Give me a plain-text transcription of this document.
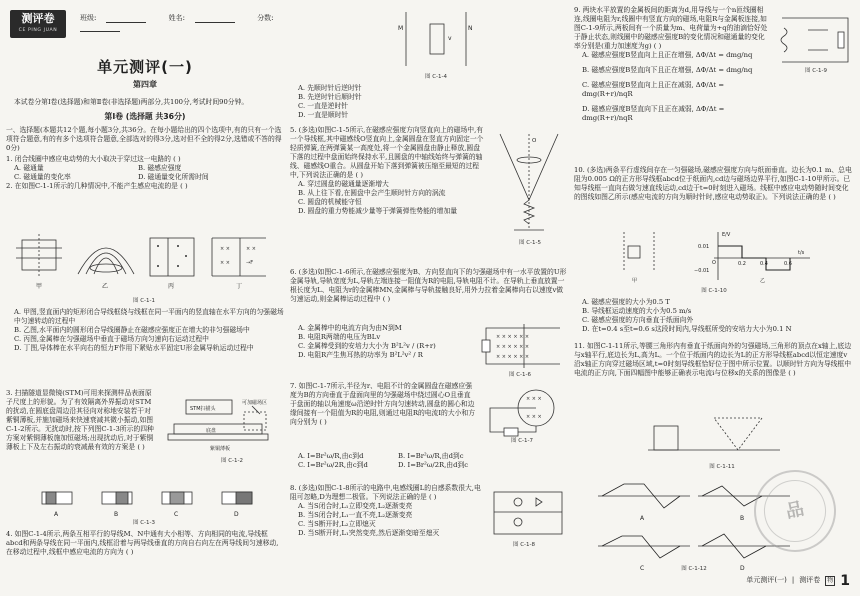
测评卷
CE PING JUAN
班级:	姓名:	分数:
单元测评(一)
第四章

本试卷分第Ⅰ卷(选择题)和第Ⅱ卷(非选择题)两部分,共100分,考试时间90分钟。

第Ⅰ卷 (选择题 共36分)

一、选择题(本题共12个题,每小题3分,共36分。在每小题给出的四个选项中,有的只有一个选项符合题意,有的有多个选项符合题意,全部选对的得3分,选对但不全的得2分,选错或不答的得0分)

1. 闭合线圈中感应电动势的大小取决于穿过这一电路的 ( )

A. 磁通量	B. 磁感应强度
C. 磁通量的变化率	D. 磁通量变化所需时间

2. 在如图C-1-1所示的几种情况中,不能产生感应电流的是 ( )

× ×	× ×
× ×	→F
甲	乙	丙	丁
图 C-1-1

A. 甲图,竖直面内的矩形闭合导线框绕与线框在同一平面内的竖直轴在水平方向的匀强磁场中匀速转动的过程中

B. 乙图,水平面内的圆形闭合导线圈静止在磁感应强度正在增大的非匀强磁场中

C. 丙图,金属棒在匀强磁场中垂直于磁场方向匀速向右运动过程中

D. 丁图,导体棒在水平向右的恒力F作用下紧贴水平固定U形金属导轨运动过程中

3. 扫描隧道显微镜(STM)可用来探测样品表面原子尺度上的形貌。为了有效隔离外界振动对STM的扰动,在圆底盘周边沿其径向对称地安装若干对紫铜薄板,并施加磁场来快速衰减其微小振动,如图C-1-2所示。无扰动时,按下列图C-1-3所示的四种方案对紫铜薄板施加恒磁场;出现扰动后,对于紫铜薄板上下及左右振动的衰减最有效的方案是 ( )

STM扫描头
可加磁场区
底盘
紫铜薄板
图 C-1-2
A	B	C	D
图 C-1-3

4. 如图C-1-4所示,两条互相平行的导线M、N中通有大小相等、方向相同的电流,导线框abcd和两条导线在同一平面内,线框沿着与两导线垂直的方向自右向左在两导线间匀速移动,在移动过程中,线框中感应电流的方向为 ( )

M	N
v
图 C-1-4

A. 先顺时针后逆时针

B. 先逆时针后顺时针

C. 一直是逆时针

D. 一直是顺时针

5. (多选)如图C-1-5所示,在磁感应强度方向竖直向上的磁场中,有一个导线框,其中磁感线O竖直向上,金属圆盘在竖直方向固定一个轻质弹簧,在两弹簧某一高度处,将一个金属圆盘由静止释放,圆盘下落的过程中盘面始终保持水平,且圆盘的中轴线始终与弹簧的轴线、磁感线O重合。从圆盘开始下落到弹簧被压缩至最短的过程中,下列说法正确的是 ( )

A. 穿过圆盘的磁通量逐渐增大

B. 从上往下看,在圆盘中会产生顺时针方向的涡流

C. 圆盘的机械能守恒

D. 圆盘的重力势能减少量等于弹簧弹性势能的增加量

O
图 C-1-5

6. (多选)如图C-1-6所示,在磁感应强度为B、方向竖直向下的匀强磁场中有一水平放置的U形金属导轨,导轨宽度为L,导轨左端连接一阻值为R的电阻,导轨电阻不计。在导轨上垂直放置一根长度为L、电阻为r的金属棒MN,金属棒与导轨接触良好,用外力拉着金属棒向右以速度v做匀速运动,则金属棒运动过程中 ( )

A. 金属棒中的电流方向为由N到M

B. 电阻R两端的电压为BLv

C. 金属棒受到的安培力大小为 B²L²v / (R+r)

D. 电阻R产生焦耳热的功率为 B²L²v² / R

× × × × × ×
× × × × × ×
× × × × × ×
图 C-1-6

7. 如图C-1-7所示,半径为r、电阻不计的金属圆盘在磁感应强度为B的方向垂直于盘面向里的匀强磁场中绕过圆心O且垂直于盘面的轴以角速度ω沿逆时针方向匀速转动,圆盘的圆心和边缘间接有一个阻值为R的电阻,则通过电阻R的电流I的大小和方向分别为 ( )

× × ×
× × ×
图 C-1-7
A. I=Br²ω/R,由c到d	B. I=Br²ω/R,由d到c
C. I=Br²ω/2R,由c到d	D. I=Br²ω/2R,由d到c

8. (多选)如图C-1-8所示的电路中,电感线圈L的自感系数很大,电阻可忽略,D为理想二极管。下列说法正确的是 ( )

A. 当S闭合时,L₁立即变亮,L₂逐渐变亮

B. 当S闭合时,L₁一直不亮,L₂逐渐变亮

C. 当S断开时,L₂立即熄灭

D. 当S断开时,L₁突然变亮,然后逐渐变暗至熄灭

图 C-1-8

9. 两块水平放置的金属板间的距离为d,用导线与一个n匝线圈相连,线圈电阻为r,线圈中有竖直方向的磁场,电阻R与金属板连接,如图C-1-9所示,两板间有一个质量为m、电荷量为+q的油滴恰好处于静止状态,则线圈中的磁感应强度B的变化情况和磁通量的变化率分别是(重力加速度为g) ( )

A. 磁感应强度B竖直向上且正在增强, ΔΦ/Δt = dmg/nq

B. 磁感应强度B竖直向下且正在增强, ΔΦ/Δt = dmg/nq

C. 磁感应强度B竖直向上且正在减弱, ΔΦ/Δt = dmg(R+r)/nqR

D. 磁感应强度B竖直向下且正在减弱, ΔΦ/Δt = dmg(R+r)/nqR

图 C-1-9

10. (多选)两条平行虚线间存在一匀强磁场,磁感应强度方向与纸面垂直。边长为0.1 m、总电阻为0.005 Ω的正方形导线框abcd位于纸面内,cd边与磁场边界平行,如图C-1-10甲所示。已知导线框一直向右做匀速直线运动,cd边于t=0时刻进入磁场。线框中感应电动势随时间变化的图线如图乙所示(感应电流的方向为顺时针时,感应电动势取正)。下列说法正确的是 ( )

E/V
t/s
0.01
0.2	0.4	0.6
−0.01
O
甲	乙
图 C-1-10

A. 磁感应强度的大小为0.5 T

B. 导线框运动速度的大小为0.5 m/s

C. 磁感应强度的方向垂直于纸面向外

D. 在t=0.4 s至t=0.6 s这段时间内,导线框所受的安培力大小为0.1 N

11. 如图C-1-11所示,等腰三角形内有垂直于纸面向外的匀强磁场,三角形的顶点在x轴上,底边与x轴平行,底边长为L,高为L。一个位于纸面内的边长为L的正方形导线框abcd以恒定速度v沿x轴正方向穿过磁场区域,t=0时刻导线框恰好位于图中所示位置。以顺时针方向为导线框中电流的正方向,下面四幅图中能够正确表示电流i与位移x的关系的图像是 ( )

图 C-1-11
A	B
C	D
图 C-1-12
品
单元测评(一) | 测评卷	物 1
